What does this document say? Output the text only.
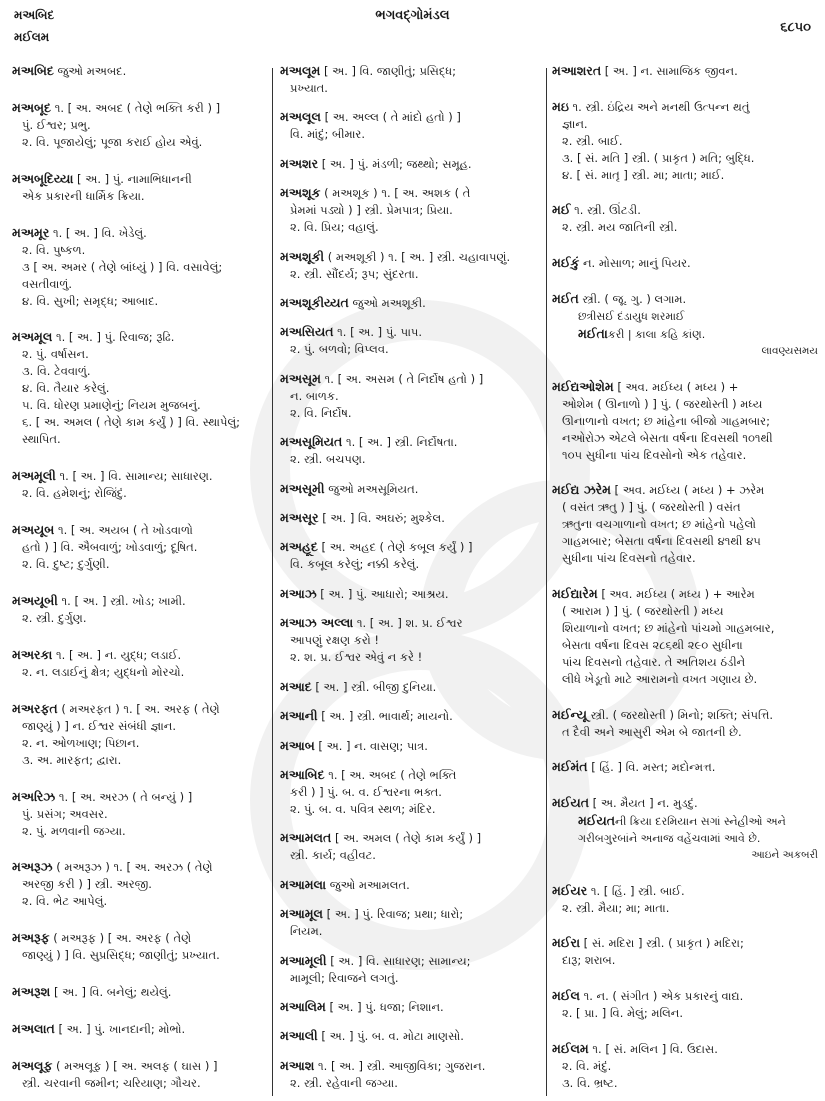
મઅબિદ
મઈલમ
ભગવદ્ગોમંડલ
૬૮૫૦
મઅબિદ જુઓ મઅબદ.
મઅબૂદ ૧. [ અ. અબદ ( તેણે ભક્તિ કરી ) ]
પું. ઈશ્વર; પ્રભુ.
૨. વિ. પૂજાયેલું; પૂજા કરાઈ હોય એવું.
મઅબૂદિય્યા [ અ. ] પું. નામાભિધાનની
એક પ્રકારની ધાર્મિક ક્રિયા.
મઅમૂર ૧. [ અ. ] વિ. ખેડેલું.
૨. વિ. પુષ્કળ.
૩ [ અ. અમર ( તેણે બાંધ્યું ) ] વિ. વસાવેલું;
વસતીવાળું.
૪. વિ. સુખી; સમૃદ્ધ; આબાદ.
મઅમૂલ ૧. [ અ. ] પું. રિવાજ; રૂઢિ.
૨. પું. વર્ષાસન.
૩. વિ. ટેવવાળું.
૪. વિ. તૈયાર કરેલું.
૫. વિ. ધોરણ પ્રમાણેનું; નિયમ મુજબનું.
૬. [ અ. અમલ ( તેણે કામ કર્યું ) ] વિ. સ્થાપેલું;
સ્થાપિત.
મઅમૂલી ૧. [ અ. ] વિ. સામાન્ય; સાધારણ.
૨. વિ. હમેશનું; રોજિંદું.
મઅયૂબ ૧. [ અ. અયબ ( તે ખોડવાળો
હતો ) ] વિ. ઐબવાળું; ખોડવાળું; દૂષિત.
૨. વિ. દુષ્ટ; દુર્ગુણી.
મઅયૂબી ૧. [ અ. ] સ્ત્રી. ખોડ; ખામી.
૨. સ્ત્રી. દુર્ગુણ.
મઅરકા ૧. [ અ. ] ન. યુદ્ધ; લડાઈ.
૨. ન. લડાઈનું ક્ષેત્ર; યુદ્ધનો મોરચો.
મઅરફત ( મઅરફત ) ૧. [ અ. અરફ ( તેણે
જાણ્યું ) ] ન. ઈશ્વર સંબંધી જ્ઞાન.
૨. ન. ઓળખાણ; પિછાન.
૩. અ. મારફત; દ્વારા.
મઅરિઝ ૧. [ અ. અરઝ ( તે બન્યું ) ]
પું. પ્રસંગ; અવસર.
૨. પું. મળવાની જગ્યા.
મઅરૂઝ ( મઅરૂઝ ) ૧. [ અ. અરઝ ( તેણે
અરજી કરી ) ] સ્ત્રી. અરજી.
૨. વિ. ભેટ આપેલું.
મઅરૂફ ( મઅરૂફ ) [ અ. અરફ ( તેણે
જાણ્યું ) ] વિ. સુપ્રસિદ્ધ; જાણીતું; પ્રખ્યાત.
મઅરૂશ [ અ. ] વિ. બનેલું; થયેલું.
મઅલાત [ અ. ] પું. ખાનદાની; મોભો.
મઅલૂફ ( મઅલૂફ ) [ અ. અલફ ( ઘાસ ) ]
સ્ત્રી. ચરવાની જમીન; ચરિયાણ; ગૌચર.
મઅલૂમ [ અ. ] વિ. જાણીતું; પ્રસિદ્ધ;
પ્રખ્યાત.
મઅલૂલ [ અ. અલ્લ ( તે માંદો હતો ) ]
વિ. માંદું; બીમાર.
મઅશર [ અ. ] પું. મંડળી; જથ્થો; સમૂહ.
મઅશૂક ( મઅશૂક ) ૧. [ અ. અશક ( તે
પ્રેમમાં પડ્યો ) ] સ્ત્રી. પ્રેમપાત્ર; પ્રિયા.
૨. વિ. પ્રિય; વહાલું.
મઅશૂકી ( મઅશૂકી ) ૧. [ અ. ] સ્ત્રી. ચહાવાપણું.
૨. સ્ત્રી. સૌંદર્ય; રૂપ; સુંદરતા.
મઅશૂકીય્યત જુઓ મઅશૂકી.
મઅસિયત ૧. [ અ. ] પું. પાપ.
૨. પું. બળવો; વિપ્લવ.
મઅસૂમ ૧. [ અ. અસમ ( તે નિર્દોષ હતો ) ]
ન. બાળક.
૨. વિ. નિર્દોષ.
મઅસૂમિયત ૧. [ અ. ] સ્ત્રી. નિર્દોષતા.
૨. સ્ત્રી. બચપણ.
મઅસૂમી જુઓ મઅસૂમિયત.
મઅસૂર [ અ. ] વિ. અઘરું; મુશ્કેલ.
મઅહૂદ [ અ. અહદ ( તેણે કબૂલ કર્યું ) ]
વિ. કબૂલ કરેલું; નક્કી કરેલું.
મઆઝ [ અ. ] પું. આધારો; આશ્રય.
મઆઝ અલ્લા ૧. [ અ. ] શ. પ્ર. ઈશ્વર
આપણું રક્ષણ કરો !
૨. શ. પ્ર. ઈશ્વર એવું ન કરે !
મઆદ [ અ. ] સ્ત્રી. બીજી દુનિયા.
મઆની [ અ. ] સ્ત્રી. ભાવાર્થ; માયનો.
મઆબ [ અ. ] ન. વાસણ; પાત્ર.
મઆબિદ ૧. [ અ. અબદ ( તેણે ભક્તિ
કરી ) ] પું. બ. વ. ઈશ્વરના ભક્ત.
૨. પું. બ. વ. પવિત્ર સ્થળ; મંદિર.
મઆમલત [ અ. અમલ ( તેણે કામ કર્યું ) ]
સ્ત્રી. કાર્ય; વહીવટ.
મઆમલા જુઓ મઆમલત.
મઆમૂલ [ અ. ] પું. રિવાજ; પ્રથા; ધારો;
નિયમ.
મઆમૂલી [ અ. ] વિ. સાધારણ; સામાન્ય;
મામૂલી; રિવાજને લગતું.
મઆલિમ [ અ. ] પું. ધજા; નિશાન.
મઆલી [ અ. ] પું. બ. વ. મોટા માણસો.
મઆશ ૧. [ અ. ] સ્ત્રી. આજીવિકા; ગુજરાન.
૨. સ્ત્રી. રહેવાની જગ્યા.
મઆશરત [ અ. ] ન. સામાજિક જીવન.
મઇ ૧. સ્ત્રી. ઇંદ્રિય અને મનથી ઉત્પન્ન થતું
જ્ઞાન.
૨. સ્ત્રી. બાઈ.
૩. [ સં. મતિ ] સ્ત્રી. ( પ્રાકૃત ) મતિ; બુદ્ધિ.
૪. [ સં. માતૃ ] સ્ત્રી. મા; માતા; માઈ.
મઈ ૧. સ્ત્રી. ઊંટડી.
૨. સ્ત્રી. મય જાતિની સ્ત્રી.
મઈકું ન. મોસાળ; માનું પિયર.
મઈત સ્ત્રી. ( જૂ. ગુ. ) લગામ.
છત્રીસઈ દંડાયુધ શરમાઈ
મઈતાકરી | કાલા કહિ કાંણ.
લાવણ્યસમય
મઈદ્યઓશેમ [ અવ. મઈધ્ય ( મધ્ય ) +
ઓશેમ ( ઊનાળો ) ] પું. ( જરથોસ્તી ) મધ્ય
ઊનાળાનો વખત; છ માંહેના બીજો ગાહમબાર;
નઓરોઝ એટલે બેસતા વર્ષના દિવસથી ૧૦૧થી
૧૦૫ સુધીના પાંચ દિવસોનો એક તહેવાર.
મઈદ્ય ઝરેમ [ અવ. મઈધ્ય ( મધ્ય ) + ઝરેમ
( વસંત ઋતુ ) ] પું. ( જરથોસ્તી ) વસંત
ઋતુના વચગાળાનો વખત; છ માંહેનો પહેલો
ગાહમબાર; બેસતા વર્ષના દિવસથી ૪૧થી ૪૫
સુધીના પાંચ દિવસનો તહેવાર.
મઈદ્યારેમ [ અવ. મઈધ્ય ( મધ્ય ) + આરેમ
( આરામ ) ] પું. ( જરથોસ્તી ) મધ્ય
શિયાળાનો વખત; છ માંહેનો પાંચમો ગાહમબાર,
બેસતા વર્ષના દિવસ ૨૮૬થી ૨૯૦ સુધીના
પાંચ દિવસનો તહેવાર. તે અતિશય ઠંડીને
લીધે ખેડૂતો માટે આરામનો વખત ગણાય છે.
મઈન્યૂ સ્ત્રી. ( જરથોસ્તી ) મિનો; શક્તિ; સંપત્તિ.
ત દૈવી અને આસુરી એમ બે જાતની છે.
મઈમંત [ હિં. ] વિ. મસ્ત; મદોન્મત્ત.
મઈયત [ અ. મૈયત ] ન. મુડદું.
મઈયતની ક્રિયા દરમિયાન સગાં સ્નેહીઓ અને
ગરીબગુરબાંને અનાજ વહેંચવામાં આવે છે.
આઇને અકબરી
મઈયર ૧. [ હિં. ] સ્ત્રી. બાઈ.
૨. સ્ત્રી. મૈયા; મા; માતા.
મઈરા [ સં. મદિરા ] સ્ત્રી. ( પ્રાકૃત ) મદિરા;
દારૂ; શરાબ.
મઈલ ૧. ન. ( સંગીત ) એક પ્રકારનું વાદ્ય.
૨. [ પ્રા. ] વિ. મેલું; મલિન.
મઈલમ ૧. [ સં. મલિન ] વિ. ઉદાસ.
૨. વિ. મંદું.
૩. વિ. ભ્રષ્ટ.
